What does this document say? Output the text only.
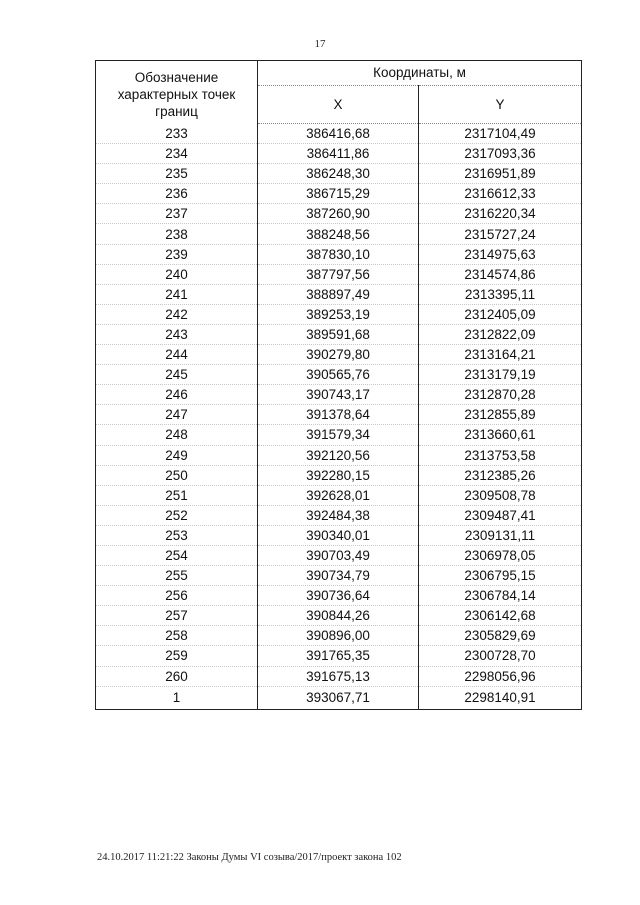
17
Обозначение характерных точек границ	Координаты, м	
	X	Y
233	386416,68	2317104,49
234	386411,86	2317093,36
235	386248,30	2316951,89
236	386715,29	2316612,33
237	387260,90	2316220,34
238	388248,56	2315727,24
239	387830,10	2314975,63
240	387797,56	2314574,86
241	388897,49	2313395,11
242	389253,19	2312405,09
243	389591,68	2312822,09
244	390279,80	2313164,21
245	390565,76	2313179,19
246	390743,17	2312870,28
247	391378,64	2312855,89
248	391579,34	2313660,61
249	392120,56	2313753,58
250	392280,15	2312385,26
251	392628,01	2309508,78
252	392484,38	2309487,41
253	390340,01	2309131,11
254	390703,49	2306978,05
255	390734,79	2306795,15
256	390736,64	2306784,14
257	390844,26	2306142,68
258	390896,00	2305829,69
259	391765,35	2300728,70
260	391675,13	2298056,96
1	393067,71	2298140,91
24.10.2017 11:21:22 Законы Думы VI созыва/2017/проект закона 102
